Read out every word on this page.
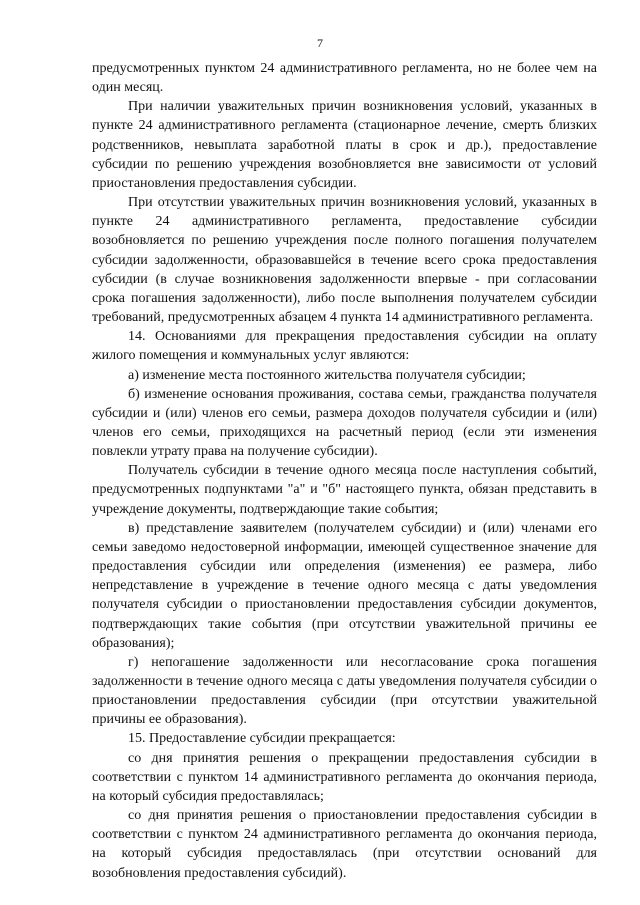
7

предусмотренных пунктом 24 административного регламента, но не более чем на один месяц.

При наличии уважительных причин возникновения условий, указанных в пункте 24 административного регламента (стационарное лечение, смерть близких родственников, невыплата заработной платы в срок и др.), предоставление субсидии по решению учреждения возобновляется вне зависимости от условий приостановления предоставления субсидии.

При отсутствии уважительных причин возникновения условий, указанных в пункте 24 административного регламента, предоставление субсидии возобновляется по решению учреждения после полного погашения получателем субсидии задолженности, образовавшейся в течение всего срока предоставления субсидии (в случае возникновения задолженности впервые - при согласовании срока погашения задолженности), либо после выполнения получателем субсидии требований, предусмотренных абзацем 4 пункта 14 административного регламента.

14. Основаниями для прекращения предоставления субсидии на оплату жилого помещения и коммунальных услуг являются:

а) изменение места постоянного жительства получателя субсидии;

б) изменение основания проживания, состава семьи, гражданства получателя субсидии и (или) членов его семьи, размера доходов получателя субсидии и (или) членов его семьи, приходящихся на расчетный период (если эти изменения повлекли утрату права на получение субсидии).

Получатель субсидии в течение одного месяца после наступления событий, предусмотренных подпунктами "а" и "б" настоящего пункта, обязан представить в учреждение документы, подтверждающие такие события;

в) представление заявителем (получателем субсидии) и (или) членами его семьи заведомо недостоверной информации, имеющей существенное значение для предоставления субсидии или определения (изменения) ее размера, либо непредставление в учреждение в течение одного месяца с даты уведомления получателя субсидии о приостановлении предоставления субсидии документов, подтверждающих такие события (при отсутствии уважительной причины ее образования);

г) непогашение задолженности или несогласование срока погашения задолженности в течение одного месяца с даты уведомления получателя субсидии о приостановлении предоставления субсидии (при отсутствии уважительной причины ее образования).

15. Предоставление субсидии прекращается:

со дня принятия решения о прекращении предоставления субсидии в соответствии с пунктом 14 административного регламента до окончания периода, на который субсидия предоставлялась;

со дня принятия решения о приостановлении предоставления субсидии в соответствии с пунктом 24 административного регламента до окончания периода, на который субсидия предоставлялась (при отсутствии оснований для возобновления предоставления субсидий).
